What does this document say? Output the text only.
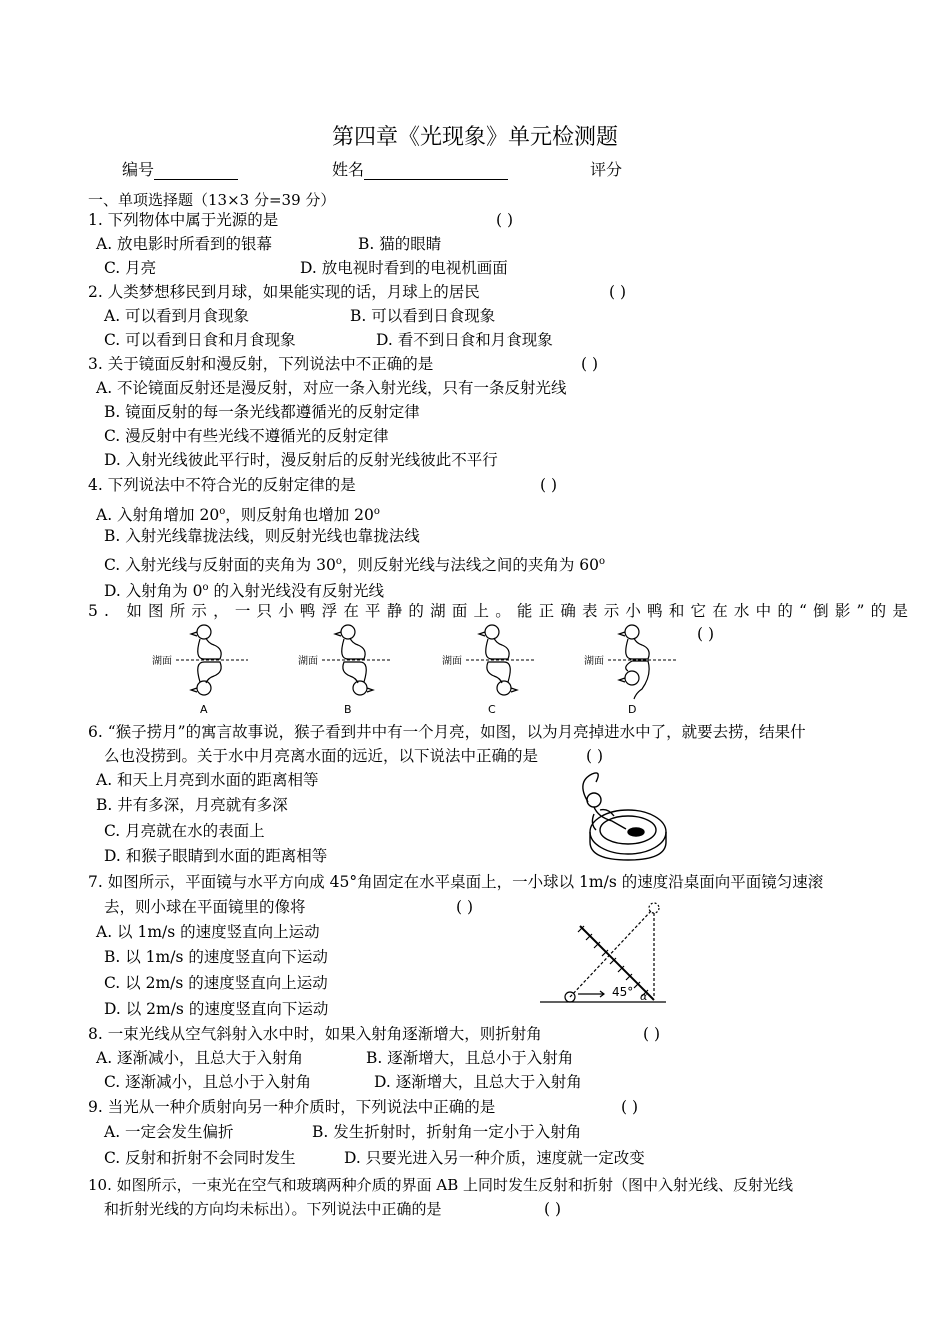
第四章《光现象》单元检测题
编号	姓名	评分
一、单项选择题（13×3 分=39 分）
1. 下列物体中属于光源的是	( )
A. 放电影时所看到的银幕	B. 猫的眼睛
C. 月亮	D. 放电视时看到的电视机画面
2. 人类梦想移民到月球，如果能实现的话，月球上的居民	( )
A. 可以看到月食现象	B. 可以看到日食现象
C. 可以看到日食和月食现象	D. 看不到日食和月食现象
3. 关于镜面反射和漫反射，下列说法中不正确的是	( )
A. 不论镜面反射还是漫反射，对应一条入射光线，只有一条反射光线
B. 镜面反射的每一条光线都遵循光的反射定律
C. 漫反射中有些光线不遵循光的反射定律
D. 入射光线彼此平行时，漫反射后的反射光线彼此不平行
4. 下列说法中不符合光的反射定律的是	( )
A. 入射角增加 20$^o$，则反射角也增加 20$^o$
B. 入射光线靠拢法线，则反射光线也靠拢法线
C. 入射光线与反射面的夹角为 30$^o$，则反射光线与法线之间的夹角为 60$^o$
D. 入射角为 0$^o$ 的入射光线没有反射光线
5. 如图所示，一只小鸭浮在平静的湖面上。能正确表示小鸭和它在水中的“倒影”的是
( )
湖面
A
湖面
B
湖面
C
湖面
D
6. “猴子捞月”的寓言故事说，猴子看到井中有一个月亮，如图，以为月亮掉进水中了，就要去捞，结果什
么也没捞到。关于水中月亮离水面的远近，以下说法中正确的是	( )
A. 和天上月亮到水面的距离相等
B. 井有多深，月亮就有多深
C. 月亮就在水的表面上
D. 和猴子眼睛到水面的距离相等
7. 如图所示，平面镜与水平方向成 45°角固定在水平桌面上，一小球以 1m/s 的速度沿桌面向平面镜匀速滚
去，则小球在平面镜里的像将	( )
A. 以 1m/s 的速度竖直向上运动
B. 以 1m/s 的速度竖直向下运动
C. 以 2m/s 的速度竖直向上运动
D. 以 2m/s 的速度竖直向下运动
45° α
8. 一束光线从空气斜射入水中时，如果入射角逐渐增大，则折射角	( )
A. 逐渐减小，且总大于入射角	B. 逐渐增大，且总小于入射角
C. 逐渐减小，且总小于入射角	D. 逐渐增大，且总大于入射角
9. 当光从一种介质射向另一种介质时，下列说法中正确的是	( )
A. 一定会发生偏折	B. 发生折射时，折射角一定小于入射角
C. 反射和折射不会同时发生	D. 只要光进入另一种介质，速度就一定改变
10. 如图所示，一束光在空气和玻璃两种介质的界面 AB 上同时发生反射和折射（图中入射光线、反射光线
和折射光线的方向均未标出）。下列说法中正确的是	( )
